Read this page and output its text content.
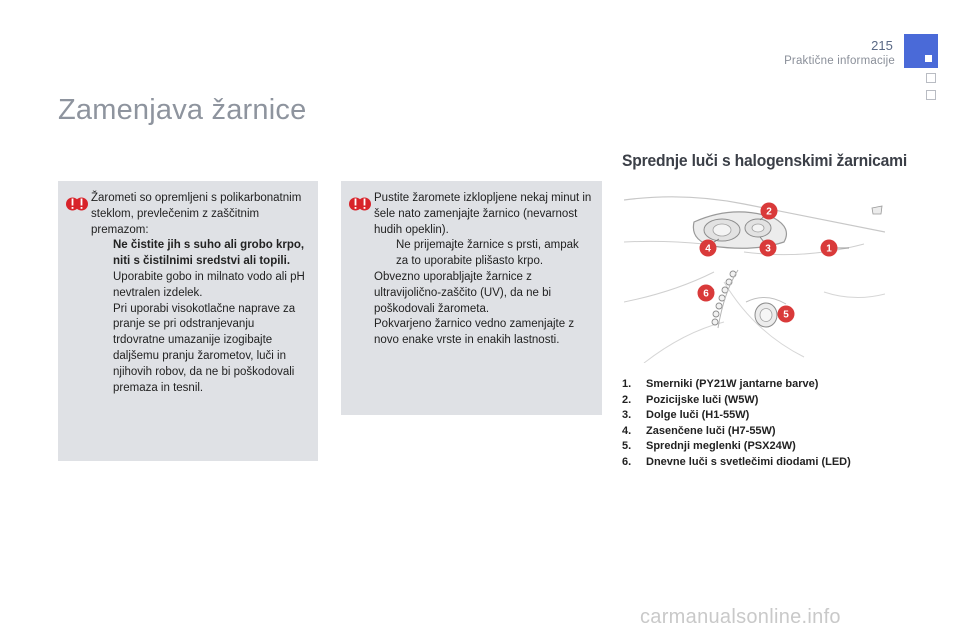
215
Praktične informacije
Zamenjava žarnice

Žarometi so opremljeni s polikarbonatnim steklom, prevlečenim z zaščitnim premazom:

Ne čistite jih s suho ali grobo krpo, niti s čistilnimi sredstvi ali topili.
Uporabite gobo in milnato vodo ali pH nevtralen izdelek.
Pri uporabi visokotlačne naprave za pranje se pri odstranjevanju trdovratne umazanije izogibajte daljšemu pranju žarometov, luči in njihovih robov, da ne bi poškodovali premaza in tesnil.

Pustite žaromete izklopljene nekaj minut in šele nato zamenjajte žarnico (nevarnost hudih opeklin).

Ne prijemajte žarnice s prsti, ampak za to uporabite plišasto krpo.

Obvezno uporabljajte žarnice z ultravijolično-zaščito (UV), da ne bi poškodovali žarometa.

Pokvarjeno žarnico vedno zamenjajte z novo enake vrste in enakih lastnosti.

Sprednje luči s halogenskimi žarnicami
2
1
3
4
6
5
1. Smerniki (PY21W jantarne barve)
2. Pozicijske luči (W5W)
3. Dolge luči (H1-55W)
4. Zasenčene luči (H7-55W)
5. Sprednji meglenki (PSX24W)
6. Dnevne luči s svetlečimi diodami (LED)
carmanualsonline.info
